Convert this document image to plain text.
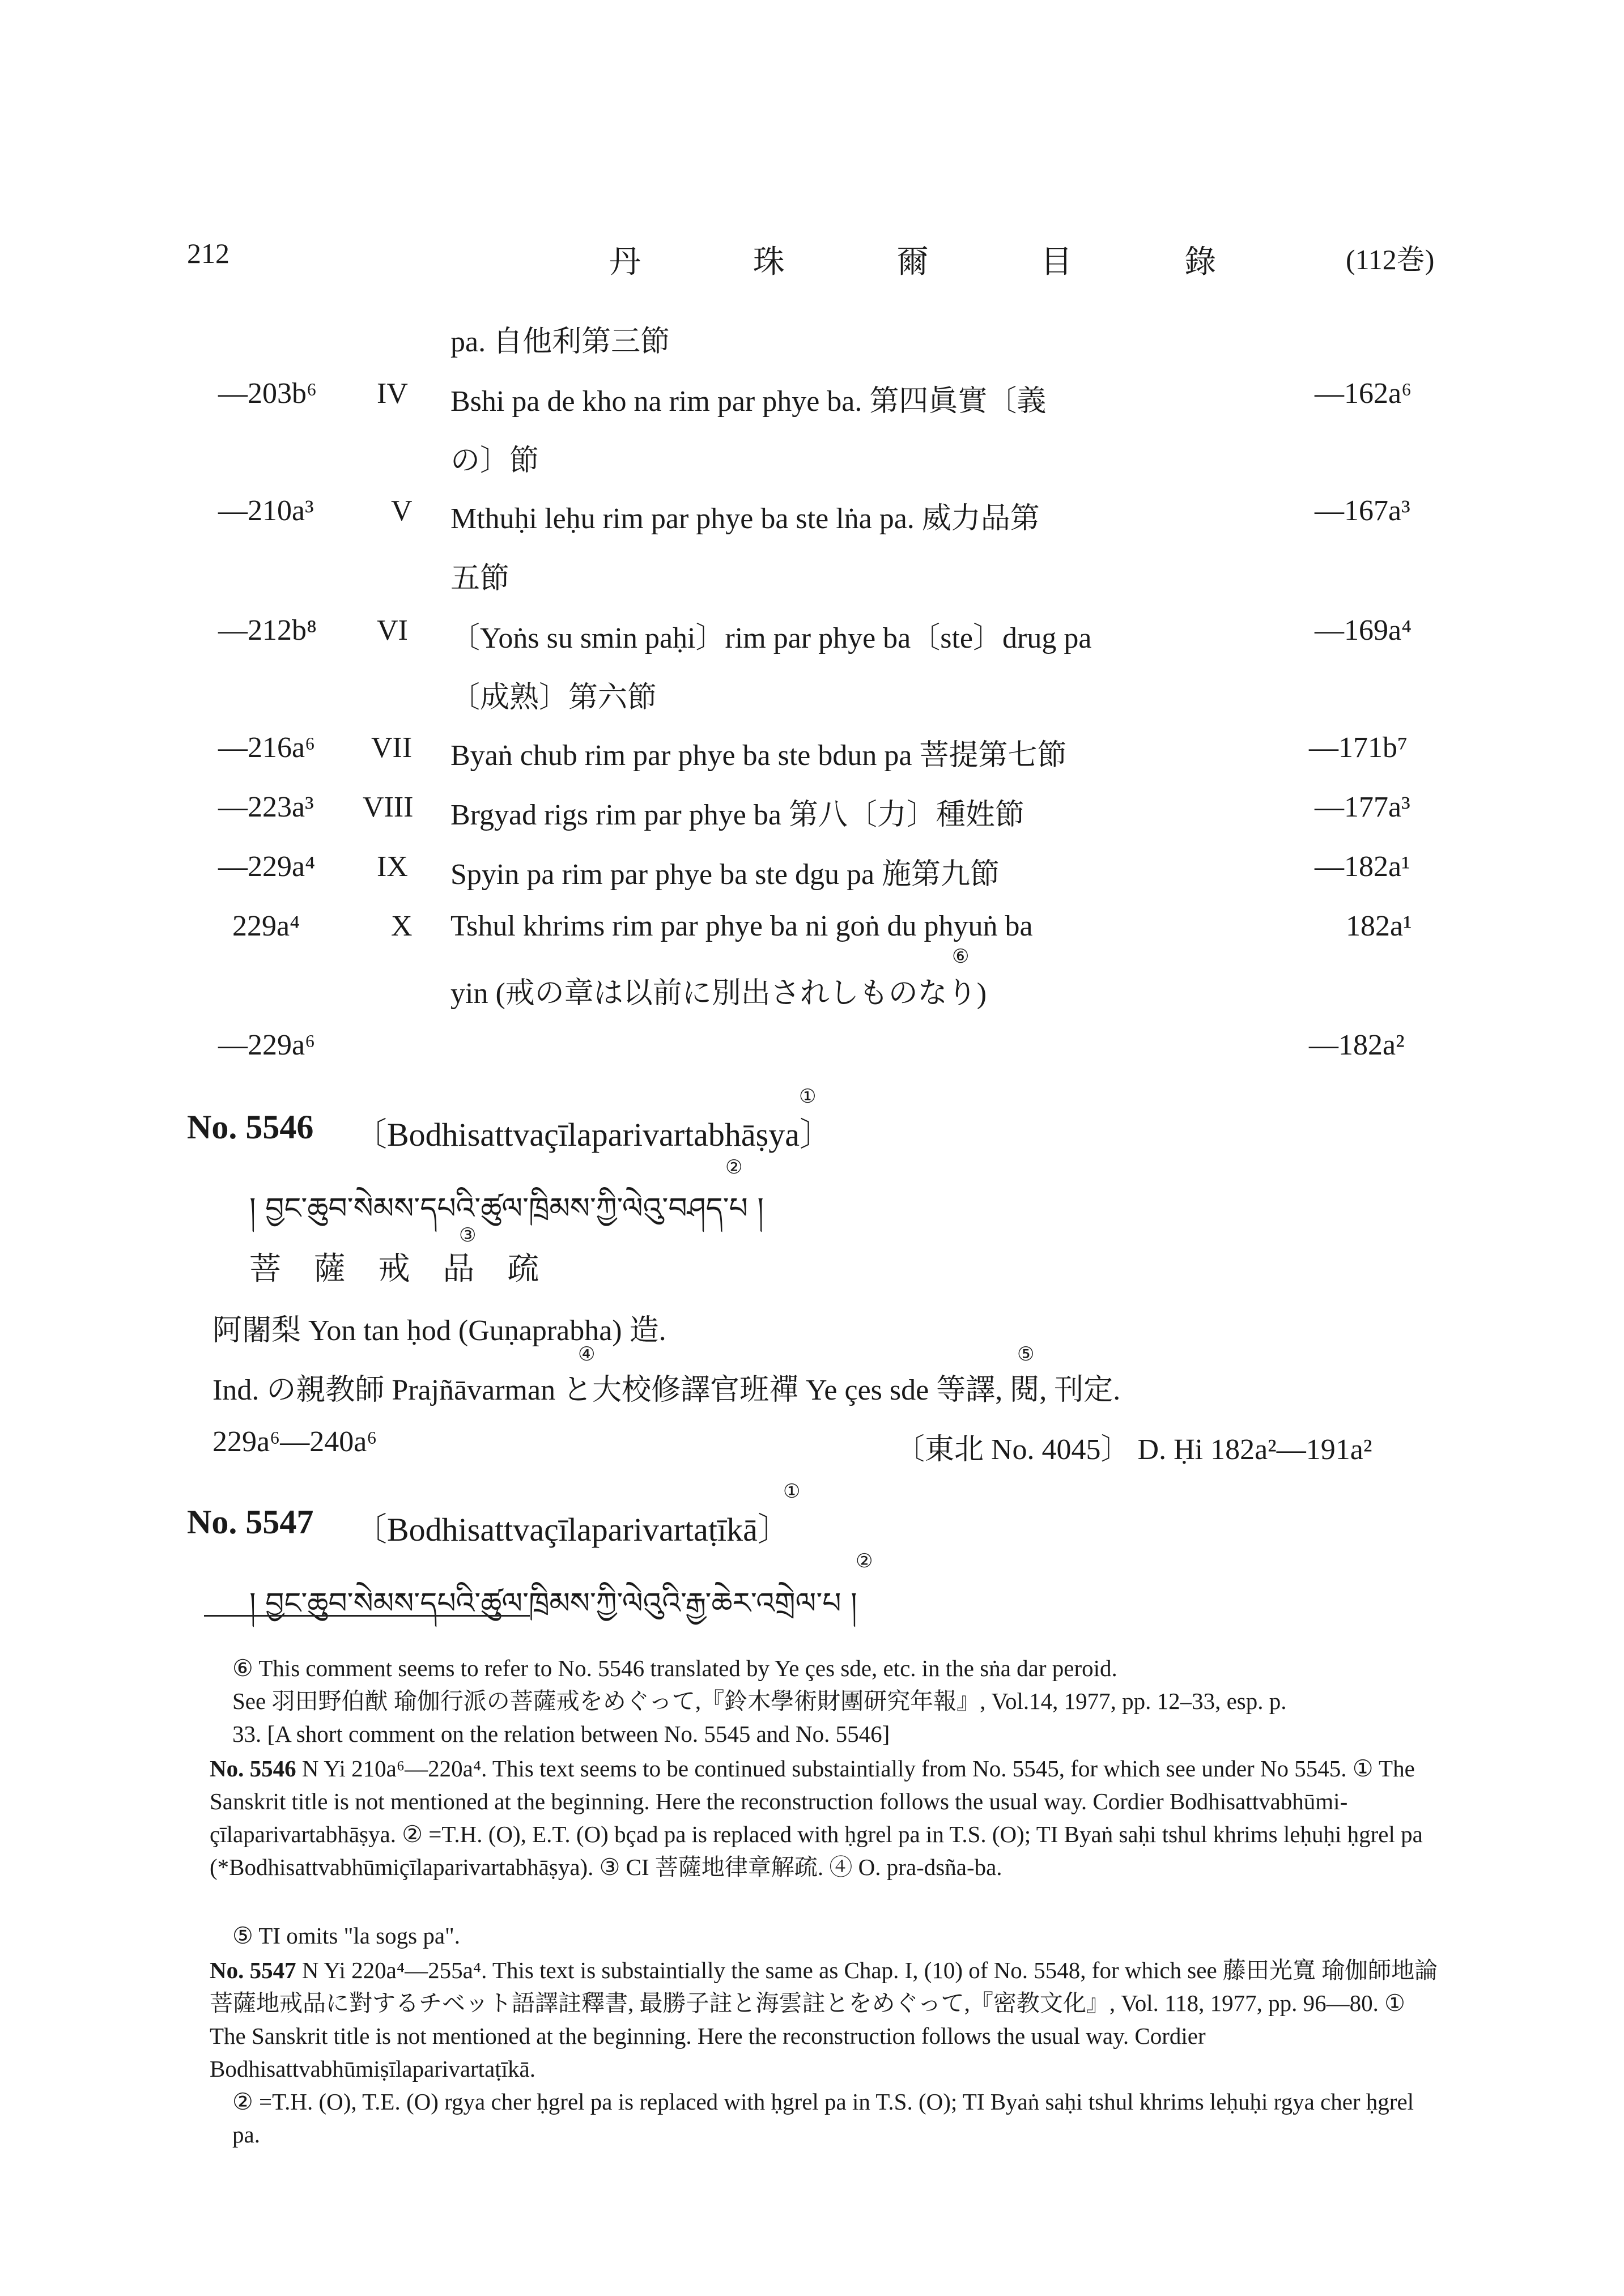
212	丹 珠 爾 目 錄	(112巻)
pa. 自他利第三節
—203b⁶ IV Bshi pa de kho na rim par phye ba. 第四眞實〔義	—162a⁶
の〕節
—210a³	V Mthuḥi leḥu rim par phye ba ste lṅa pa. 威力品第	—167a³
五節
—212b⁸ VI 〔Yoṅs su smin paḥi〕rim par phye ba〔ste〕drug pa	—169a⁴
〔成熟〕第六節
—216a⁶ VII Byaṅ chub rim par phye ba ste bdun pa 菩提第七節	—171b⁷
—223a³ VIII Brgyad rigs rim par phye ba 第八〔力〕種姓節	—177a³
—229a⁴ IX Spyin pa rim par phye ba ste dgu pa 施第九節	—182a¹
229a⁴	X Tshul khrims rim par phye ba ni goṅ du phyuṅ ba	182a¹
⑥
yin (戒の章は以前に別出されしものなり)
—229a⁶	—182a²
①
No. 5546 〔Bodhisattvaçīlaparivartabhāṣya〕
②
། བྱང་ཆུབ་སེམས་དཔའི་ཚུལ་ཁྲིམས་ཀྱི་ལེའུ་བཤད་པ །
③
菩 薩 戒 品 疏
阿闍梨 Yon tan ḥod (Guṇaprabha) 造.
④	⑤
Ind. の親教師 Prajñāvarman と大校修譯官班禪 Ye çes sde 等譯, 閱, 刊定.
229a⁶—240a⁶	〔東北 No. 4045〕 D. Ḥi 182a²—191a²
①
No. 5547 〔Bodhisattvaçīlaparivartaṭīkā〕
②
། བྱང་ཆུབ་སེམས་དཔའི་ཚུལ་ཁྲིམས་ཀྱི་ལེའུའི་རྒྱ་ཆེར་འགྲེལ་པ །
⑥ This comment seems to refer to No. 5546 translated by Ye çes sde, etc. in the sṅa dar peroid.
See 羽田野伯猷 瑜伽行派の菩薩戒をめぐって,『鈴木學術財團研究年報』, Vol.14, 1977, pp. 12–33, esp. p.
33. [A short comment on the relation between No. 5545 and No. 5546]
No. 5546 N Yi 210a⁶—220a⁴. This text seems to be continued substaintially from No. 5545, for which see under No 5545. ① The Sanskrit title is not mentioned at the beginning. Here the reconstruction follows the usual way. Cordier Bodhisattvabhūmi-çīlaparivartabhāṣya. ② =T.H. (O), E.T. (O) bçad pa is replaced with ḥgrel pa in T.S. (O); TI Byaṅ saḥi tshul khrims leḥuḥi ḥgrel pa (*Bodhisattvabhūmiçīlaparivartabhāṣya). ③ CI 菩薩地律章解疏. ④ O. pra-dsña-ba.
⑤ TI omits "la sogs pa".
No. 5547 N Yi 220a⁴—255a⁴. This text is substaintially the same as Chap. I, (10) of No. 5548, for which see 藤田光寬 瑜伽師地論菩薩地戒品に對するチベット語譯註釋書, 最勝子註と海雲註とをめぐって,『密教文化』, Vol. 118, 1977, pp. 96—80. ① The Sanskrit title is not mentioned at the beginning. Here the reconstruction follows the usual way. Cordier Bodhisattvabhūmiṣīlaparivartaṭīkā.
② =T.H. (O), T.E. (O) rgya cher ḥgrel pa is replaced with ḥgrel pa in T.S. (O); TI Byaṅ saḥi tshul khrims leḥuḥi rgya cher ḥgrel pa.
